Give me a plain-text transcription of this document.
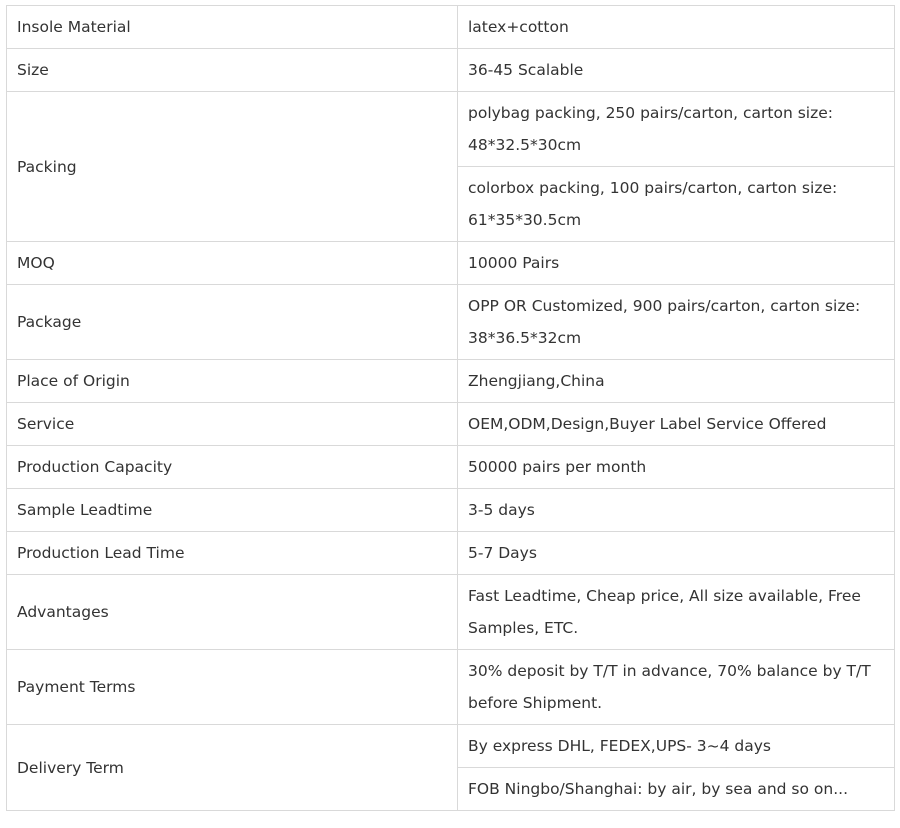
Insole Material	latex+cotton
Size	36-45 Scalable
Packing	polybag packing, 250 pairs/carton, carton size: 48*32.5*30cm
	colorbox packing, 100 pairs/carton, carton size: 61*35*30.5cm
MOQ	10000 Pairs
Package	OPP OR Customized, 900 pairs/carton, carton size: 38*36.5*32cm
Place of Origin	Zhengjiang,China
Service	OEM,ODM,Design,Buyer Label Service Offered
Production Capacity	50000 pairs per month
Sample Leadtime	3-5 days
Production Lead Time	5-7 Days
Advantages	Fast Leadtime, Cheap price, All size available, Free Samples, ETC.
Payment Terms	30% deposit by T/T in advance, 70% balance by T/T before Shipment.
Delivery Term	By express DHL, FEDEX,UPS- 3~4 days
	FOB Ningbo/Shanghai: by air, by sea and so on...
